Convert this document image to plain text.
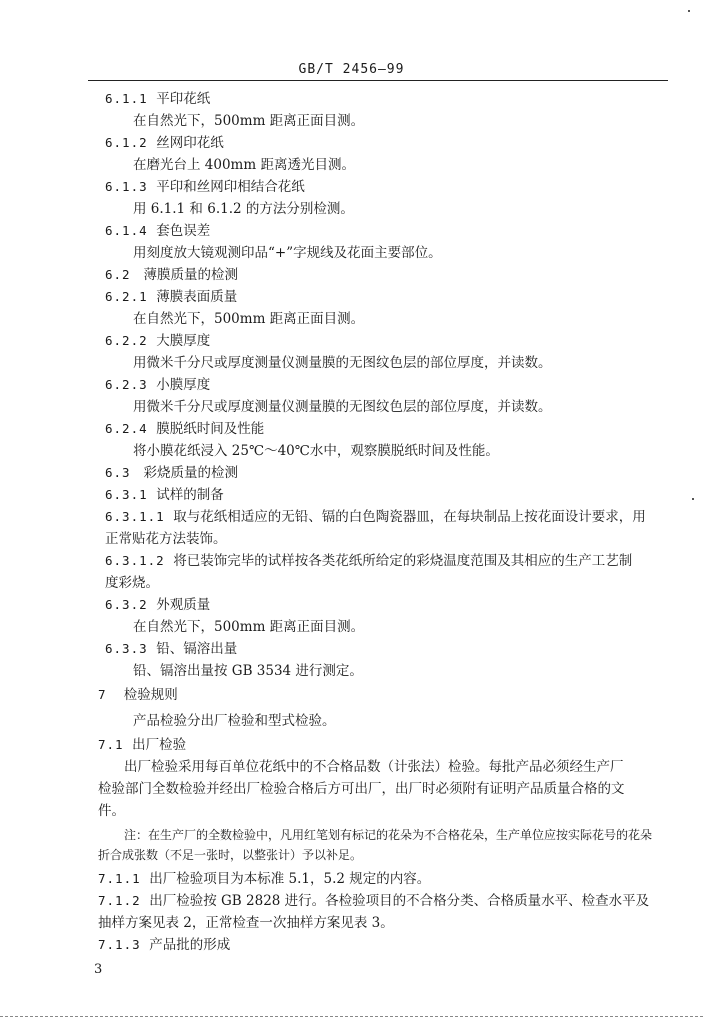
GB/T 2456—99
6.1.1 平印花纸
在自然光下，500mm 距离正面目测。
6.1.2 丝网印花纸
在磨光台上 400mm 距离透光目测。
6.1.3 平印和丝网印相结合花纸
用 6.1.1 和 6.1.2 的方法分别检测。
6.1.4 套色误差
用刻度放大镜观测印品“+”字规线及花面主要部位。
6.2 薄膜质量的检测
6.2.1 薄膜表面质量
在自然光下，500mm 距离正面目测。
6.2.2 大膜厚度
用微米千分尺或厚度测量仪测量膜的无图纹色层的部位厚度，并读数。
6.2.3 小膜厚度
用微米千分尺或厚度测量仪测量膜的无图纹色层的部位厚度，并读数。
6.2.4 膜脱纸时间及性能
将小膜花纸浸入 25℃～40℃水中，观察膜脱纸时间及性能。
6.3 彩烧质量的检测
6.3.1 试样的制备
6.3.1.1 取与花纸相适应的无铅、镉的白色陶瓷器皿，在每块制品上按花面设计要求，用
正常贴花方法装饰。
6.3.1.2 将已装饰完毕的试样按各类花纸所给定的彩烧温度范围及其相应的生产工艺制
度彩烧。
6.3.2 外观质量
在自然光下，500mm 距离正面目测。
6.3.3 铅、镉溶出量
铅、镉溶出量按 GB 3534 进行测定。
7 检验规则
产品检验分出厂检验和型式检验。
7.1 出厂检验
出厂检验采用每百单位花纸中的不合格品数（计张法）检验。每批产品必须经生产厂
检验部门全数检验并经出厂检验合格后方可出厂，出厂时必须附有证明产品质量合格的文
件。
注：在生产厂的全数检验中，凡用红笔划有标记的花朵为不合格花朵，生产单位应按实际花号的花朵
折合成张数（不足一张时，以整张计）予以补足。
7.1.1 出厂检验项目为本标准 5.1，5.2 规定的内容。
7.1.2 出厂检验按 GB 2828 进行。各检验项目的不合格分类、合格质量水平、检查水平及
抽样方案见表 2，正常检查一次抽样方案见表 3。
7.1.3 产品批的形成
3
